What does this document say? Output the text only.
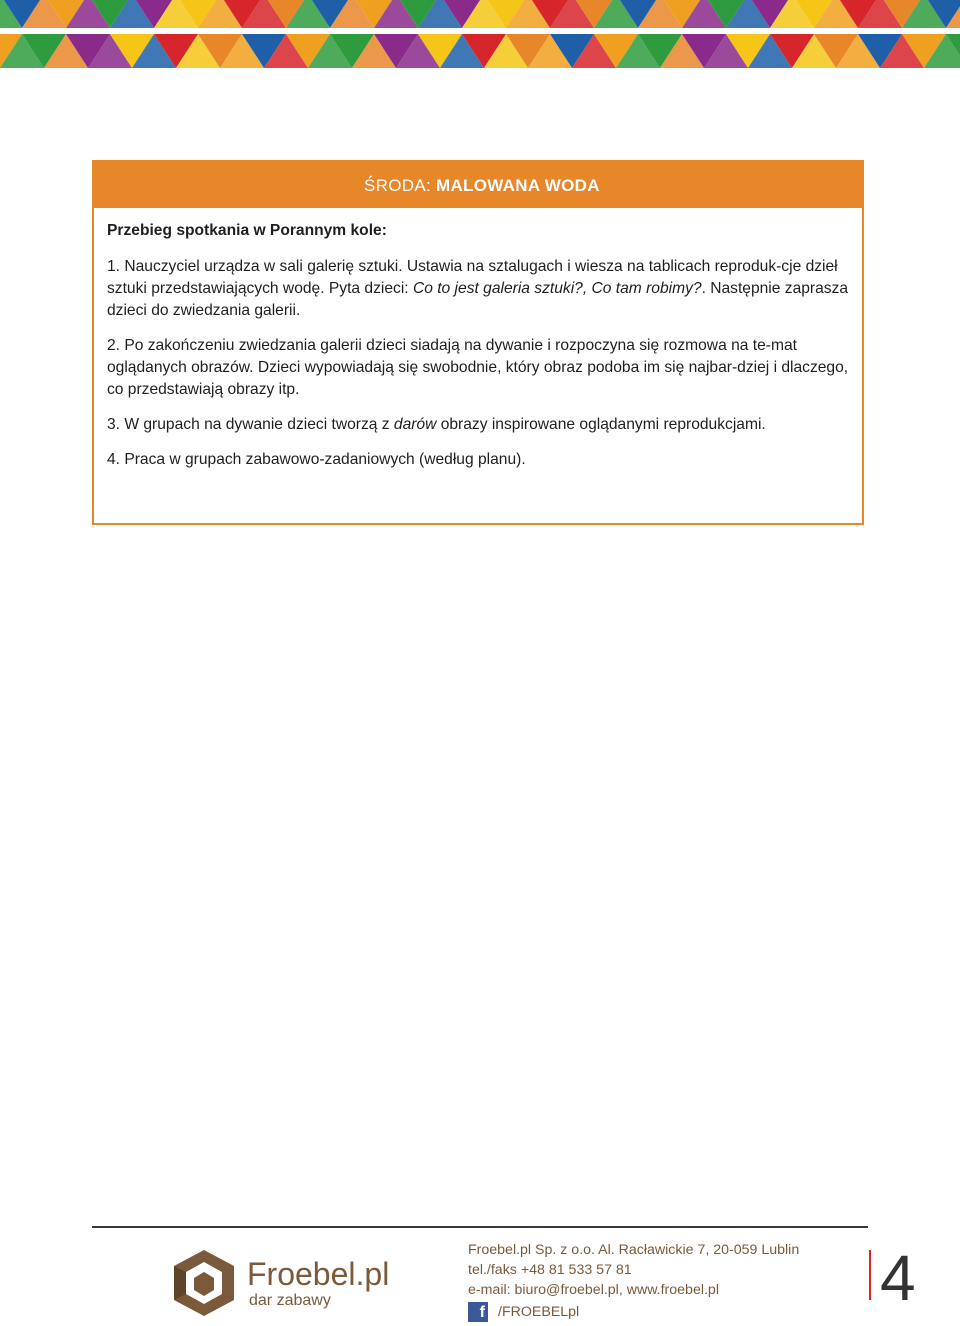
ŚRODA: MALOWANA WODA

Przebieg spotkania w Porannym kole:

1. Nauczyciel urządza w sali galerię sztuki. Ustawia na sztalugach i wiesza na tablicach reproduk-cje dzieł sztuki przedstawiających wodę. Pyta dzieci: Co to jest galeria sztuki?, Co tam robimy?. Następnie zaprasza dzieci do zwiedzania galerii.

2. Po zakończeniu zwiedzania galerii dzieci siadają na dywanie i rozpoczyna się rozmowa na te-mat oglądanych obrazów. Dzieci wypowiadają się swobodnie, który obraz podoba im się najbar-dziej i dlaczego, co przedstawiają obrazy itp.

3. W grupach na dywanie dzieci tworzą z darów obrazy inspirowane oglądanymi reprodukcjami.

4. Praca w grupach zabawowo-zadaniowych (według planu).

Froebel.pl
dar zabawy
Froebel.pl Sp. z o.o. Al. Racławickie 7, 20-059 Lublin
tel./faks +48 81 533 57 81
e-mail: biuro@froebel.pl, www.froebel.pl
f /FROEBELpl	4
